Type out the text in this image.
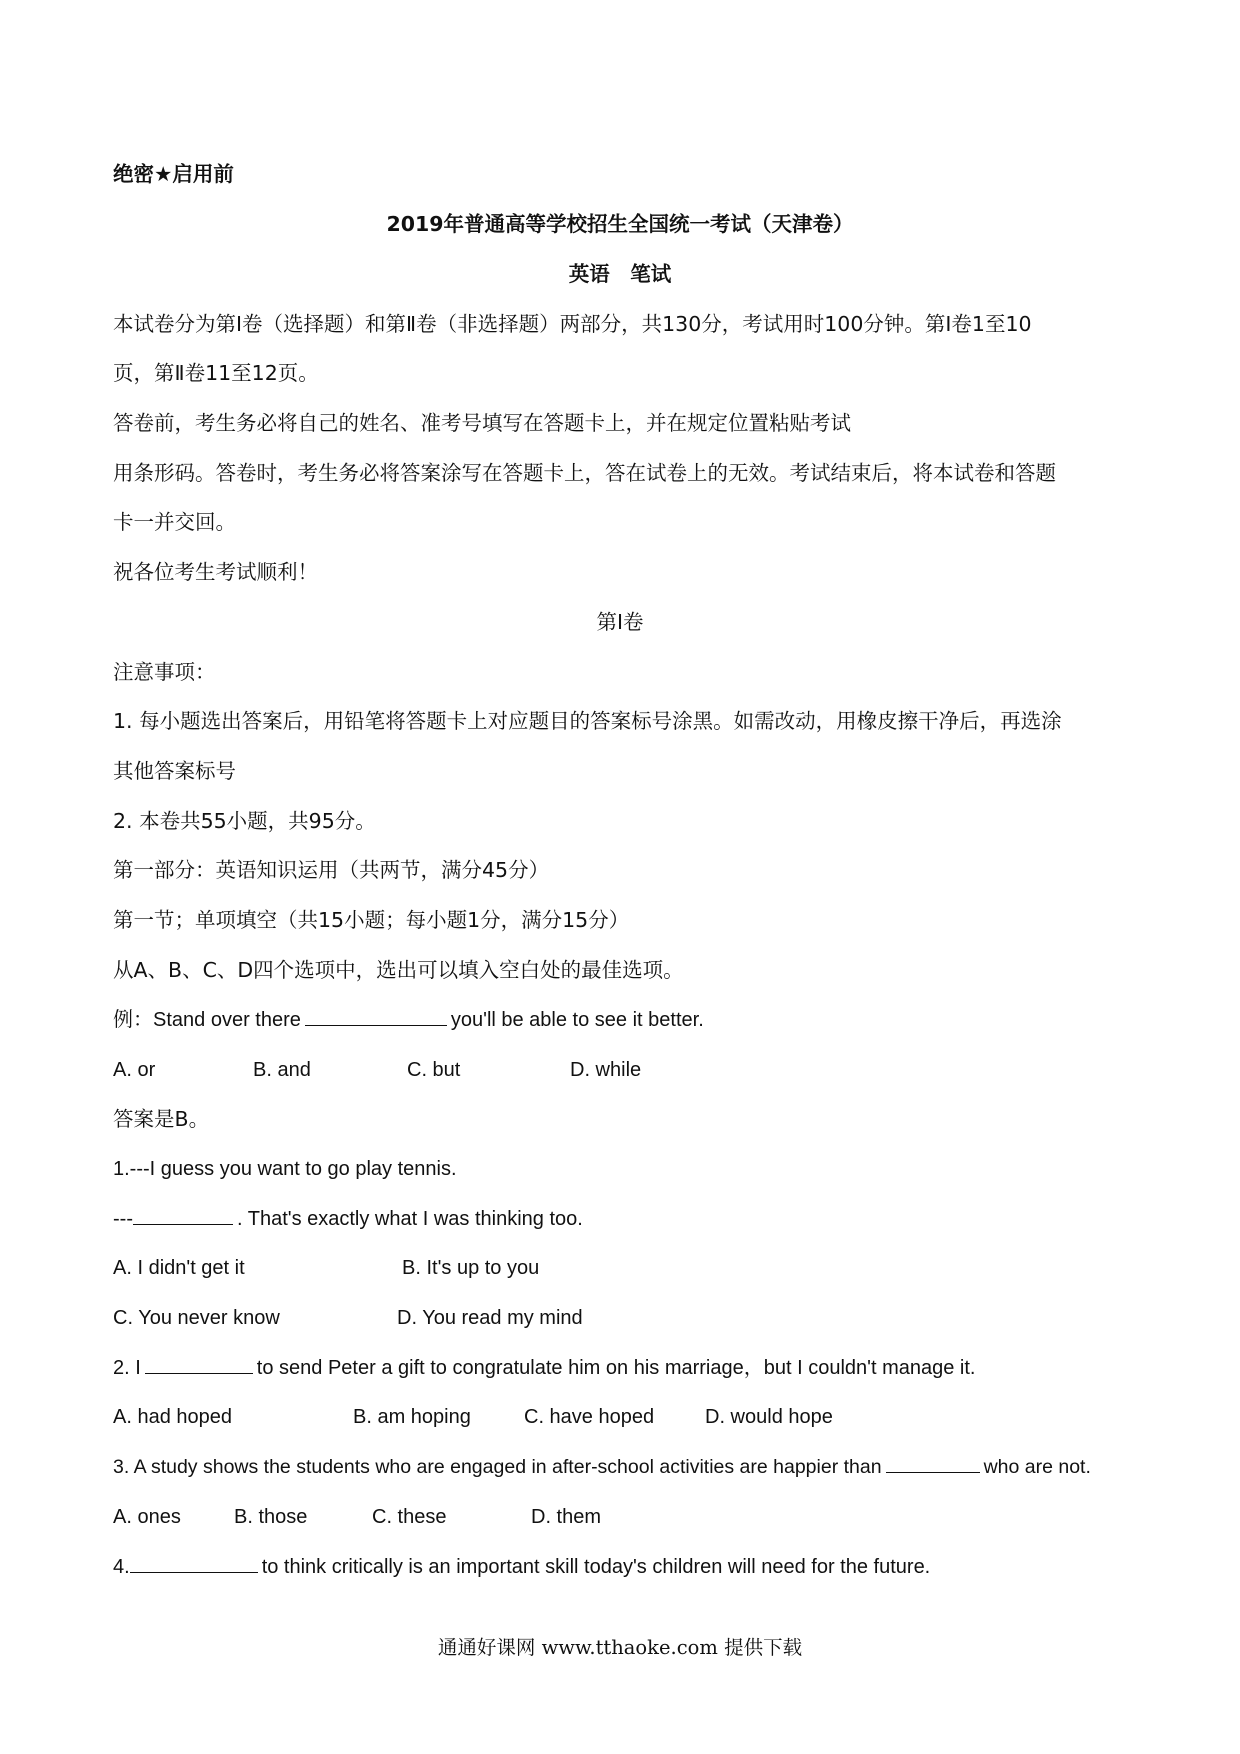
绝密★启用前
2019年普通高等学校招生全国统一考试（天津卷）
英语　笔试
本试卷分为第Ⅰ卷（选择题）和第Ⅱ卷（非选择题）两部分，共130分，考试用时100分钟。第Ⅰ卷1至10
页，第Ⅱ卷11至12页。
答卷前，考生务必将自己的姓名、准考号填写在答题卡上，并在规定位置粘贴考试
用条形码。答卷时，考生务必将答案涂写在答题卡上，答在试卷上的无效。考试结束后，将本试卷和答题
卡一并交回。
祝各位考生考试顺利！
第Ⅰ卷
注意事项：
1. 每小题选出答案后，用铅笔将答题卡上对应题目的答案标号涂黑。如需改动，用橡皮擦干净后，再选涂
其他答案标号
2. 本卷共55小题，共95分。
第一部分：英语知识运用（共两节，满分45分）
第一节；单项填空（共15小题；每小题1分，满分15分）
从A、B、C、D四个选项中，选出可以填入空白处的最佳选项。
例：Stand over there	you'll be able to see it better.
A. or	B. and	C. but	D. while
答案是B。
1.---I guess you want to go play tennis.
---	. That's exactly what I was thinking too.
A. I didn't get it	B. It's up to you
C. You never know	D. You read my mind
2. I	to send Peter a gift to congratulate him on his marriage，but I couldn't manage it.
A. had hoped	B. am hoping	C. have hoped	D. would hope
3. A study shows the students who are engaged in after-school activities are happier than	who are not.
A. ones	B. those	C. these	D. them
4.	to think critically is an important skill today's children will need for the future.
通通好课网 www.tthaoke.com 提供下载
